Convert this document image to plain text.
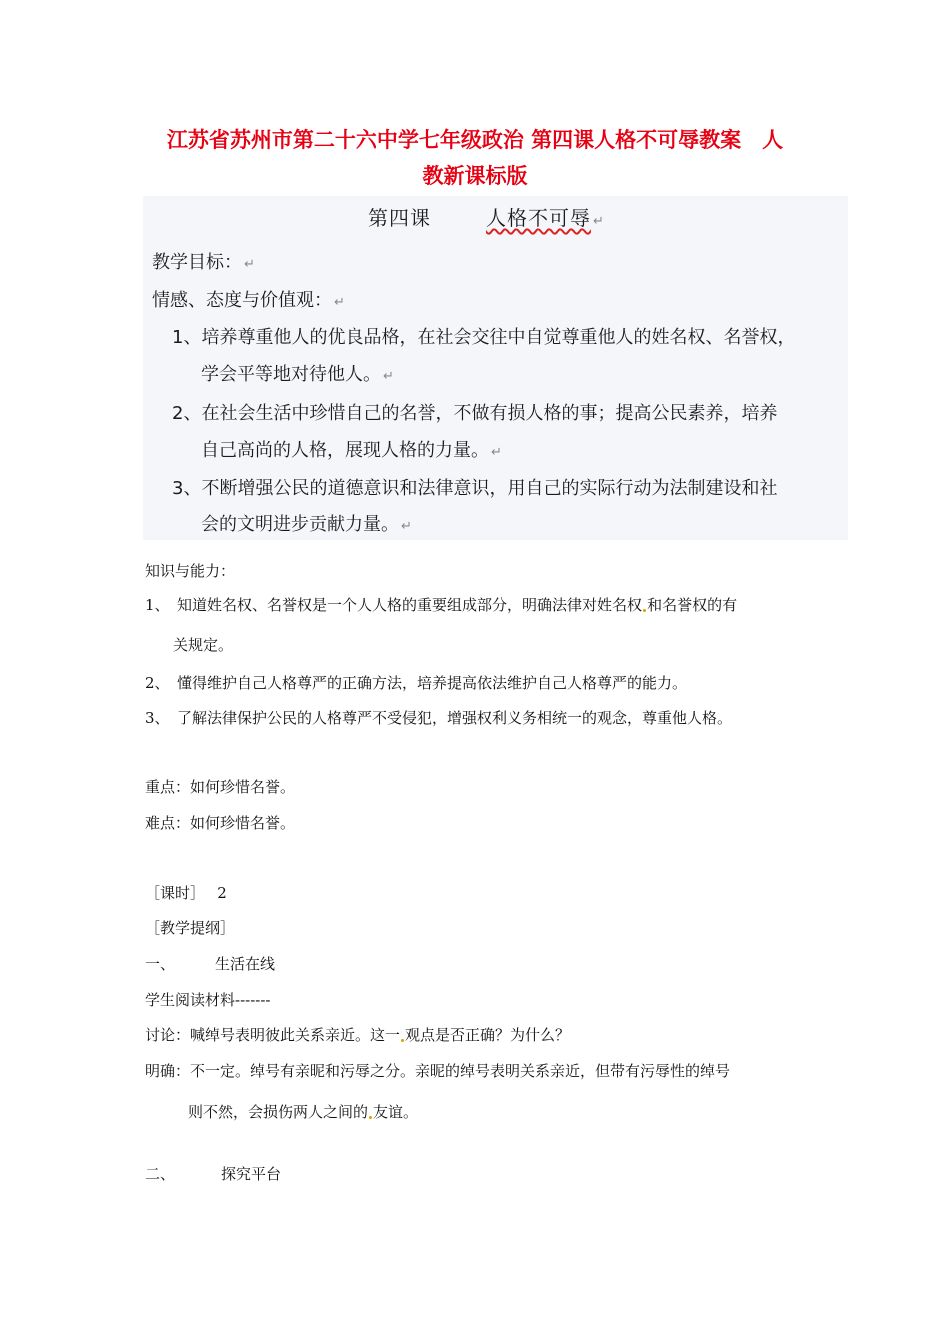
江苏省苏州市第二十六中学七年级政治 第四课人格不可辱教案　人
教新课标版
第四课	人格不可辱 ↵
教学目标： ↵
情感、态度与价值观： ↵
1、培养尊重他人的优良品格，在社会交往中自觉尊重他人的姓名权、名誉权，
学会平等地对待他人。 ↵
2、在社会生活中珍惜自己的名誉，不做有损人格的事；提高公民素养，培养
自己高尚的人格，展现人格的力量。 ↵
3、不断增强公民的道德意识和法律意识，用自己的实际行动为法制建设和社
会的文明进步贡献力量。 ↵
知识与能力：
1、　知道姓名权、名誉权是一个人人格的重要组成部分，明确法律对姓名权 和名誉权的有
关规定。
2、　懂得维护自己人格尊严的正确方法，培养提高依法维护自己人格尊严的能力。
3、　了解法律保护公民的人格尊严不受侵犯，增强权利义务相统一的观念，尊重他人格。
重点：如何珍惜名誉。
难点：如何珍惜名誉。
［课时］　 2
［教学提纲］
一、	生活在线
学生阅读材料-------
讨论：喊绰号表明彼此关系亲近。这一 观点是否正确？为什么？
明确：不一定。绰号有亲昵和污辱之分。亲昵的绰号表明关系亲近，但带有污辱性的绰号
则不然，会损伤两人之间的 友谊。
二、	探究平台
